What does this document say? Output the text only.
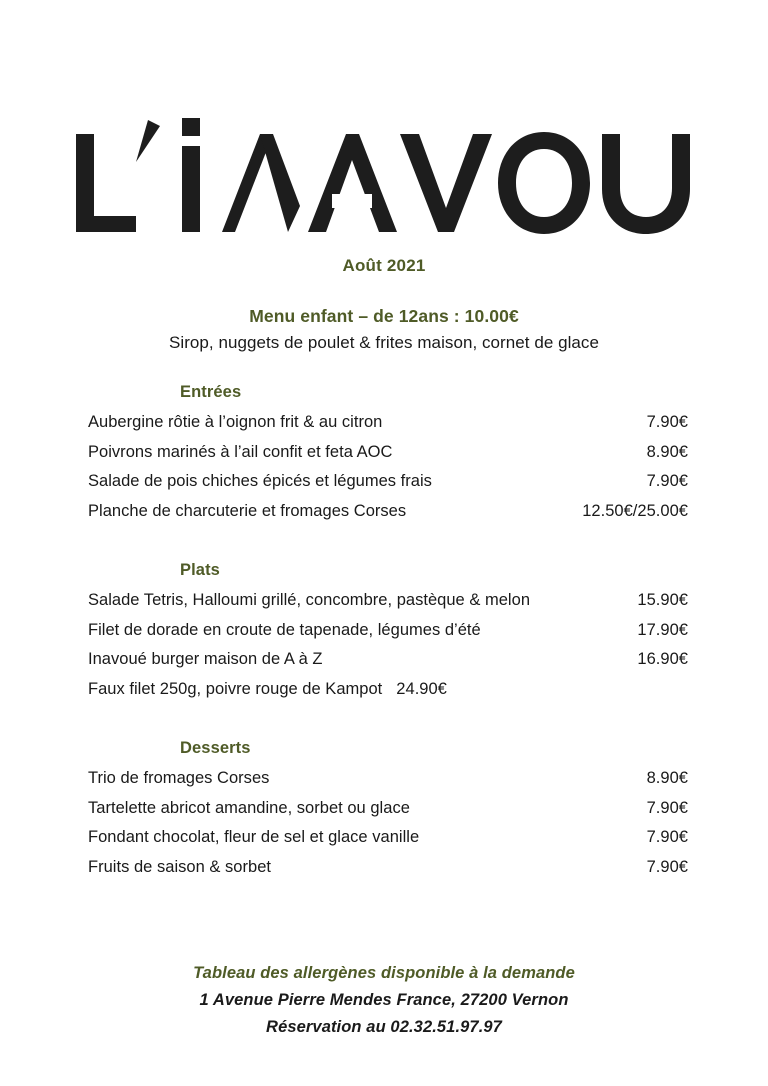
Août 2021
Menu enfant – de 12ans : 10.00€
Sirop, nuggets de poulet & frites maison, cornet de glace
Entrées
Aubergine rôtie à l’oignon frit & au citron	7.90€
Poivrons marinés à l’ail confit et feta AOC	8.90€
Salade de pois chiches épicés et légumes frais	7.90€
Planche de charcuterie et fromages Corses	12.50€/25.00€
Plats
Salade Tetris, Halloumi grillé, concombre, pastèque & melon	15.90€
Filet de dorade en croute de tapenade, légumes d’été	17.90€
Inavoué burger maison de A à Z	16.90€
Faux filet 250g, poivre rouge de Kampot 24.90€
Desserts
Trio de fromages Corses	8.90€
Tartelette abricot amandine, sorbet ou glace	7.90€
Fondant chocolat, fleur de sel et glace vanille	7.90€
Fruits de saison & sorbet	7.90€
Tableau des allergènes disponible à la demande
1 Avenue Pierre Mendes France, 27200 Vernon
Réservation au 02.32.51.97.97
